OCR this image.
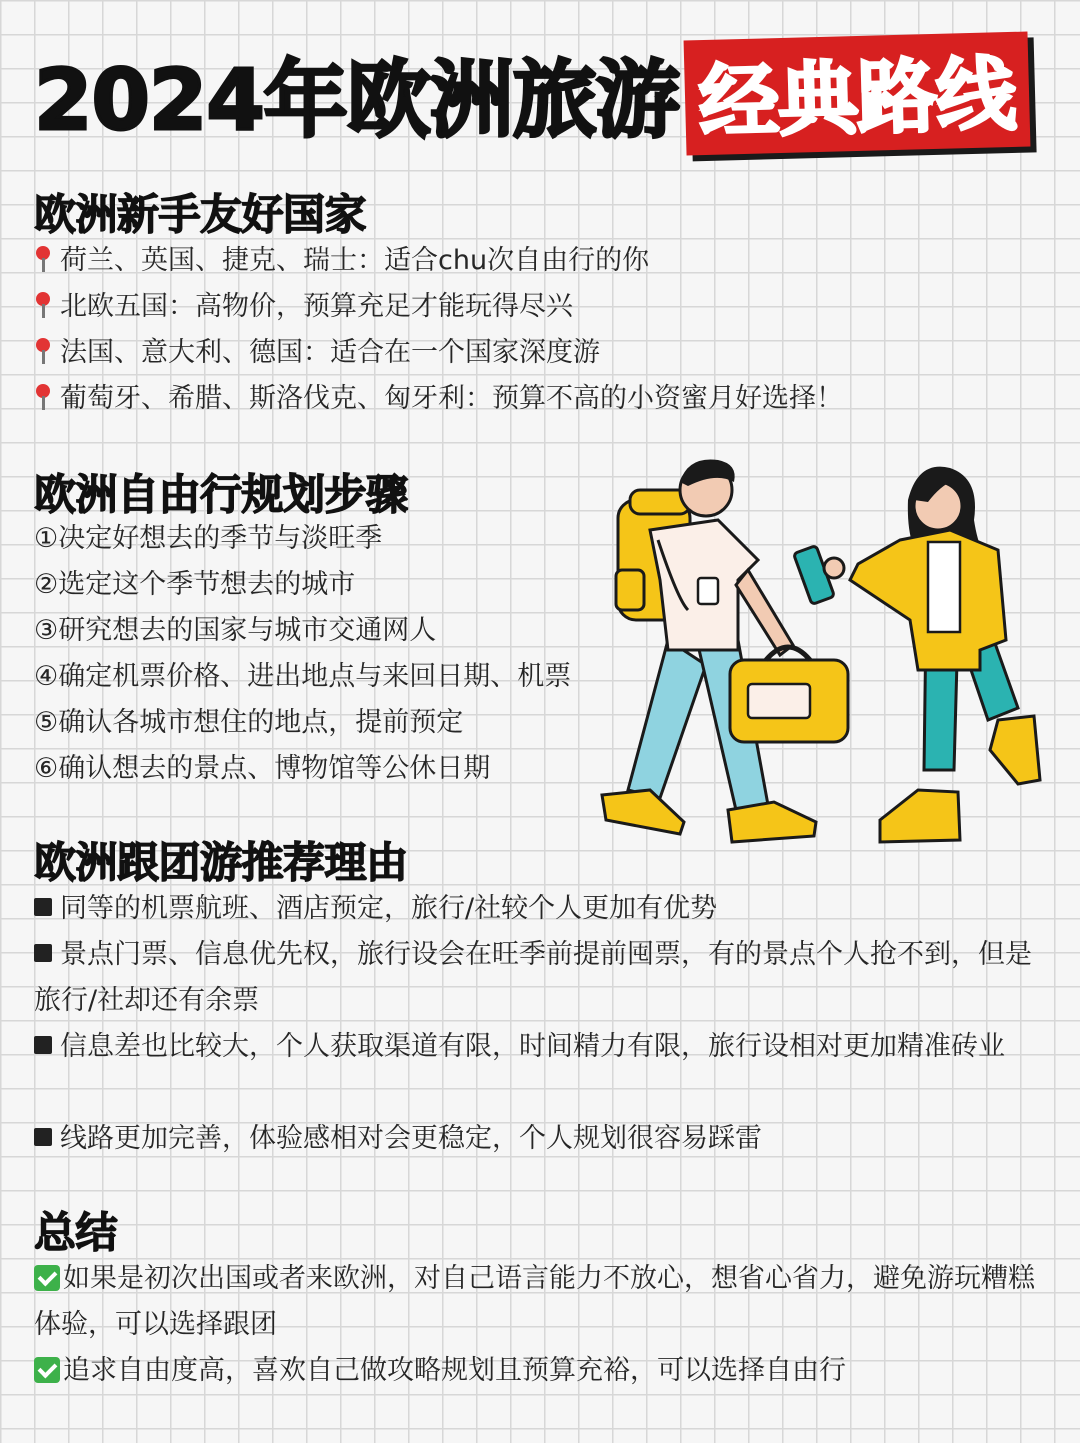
2024年欧洲旅游 经典路线
欧洲新手友好国家
荷兰、英国、捷克、瑞士：适合chu次自由行的你
北欧五国：高物价，预算充足才能玩得尽兴
法国、意大利、德国：适合在一个国家深度游
葡萄牙、希腊、斯洛伐克、匈牙利：预算不高的小资蜜月好选择！
欧洲自由行规划步骤
①决定好想去的季节与淡旺季
②选定这个季节想去的城市
③研究想去的国家与城市交通网人
④确定机票价格、进出地点与来回日期、机票
⑤确认各城市想住的地点，提前预定
⑥确认想去的景点、博物馆等公休日期
欧洲跟团游推荐理由
同等的机票航班、酒店预定，旅行/社较个人更加有优势
景点门票、信息优先权，旅行设会在旺季前提前囤票，有的景点个人抢不到，但是旅行/社却还有余票
信息差也比较大，个人获取渠道有限，时间精力有限，旅行设相对更加精准砖业
线路更加完善，体验感相对会更稳定，个人规划很容易踩雷
总结
如果是初次出国或者来欧洲，对自己语言能力不放心，想省心省力，避免游玩糟糕体验，可以选择跟团
追求自由度高，喜欢自己做攻略规划且预算充裕，可以选择自由行
